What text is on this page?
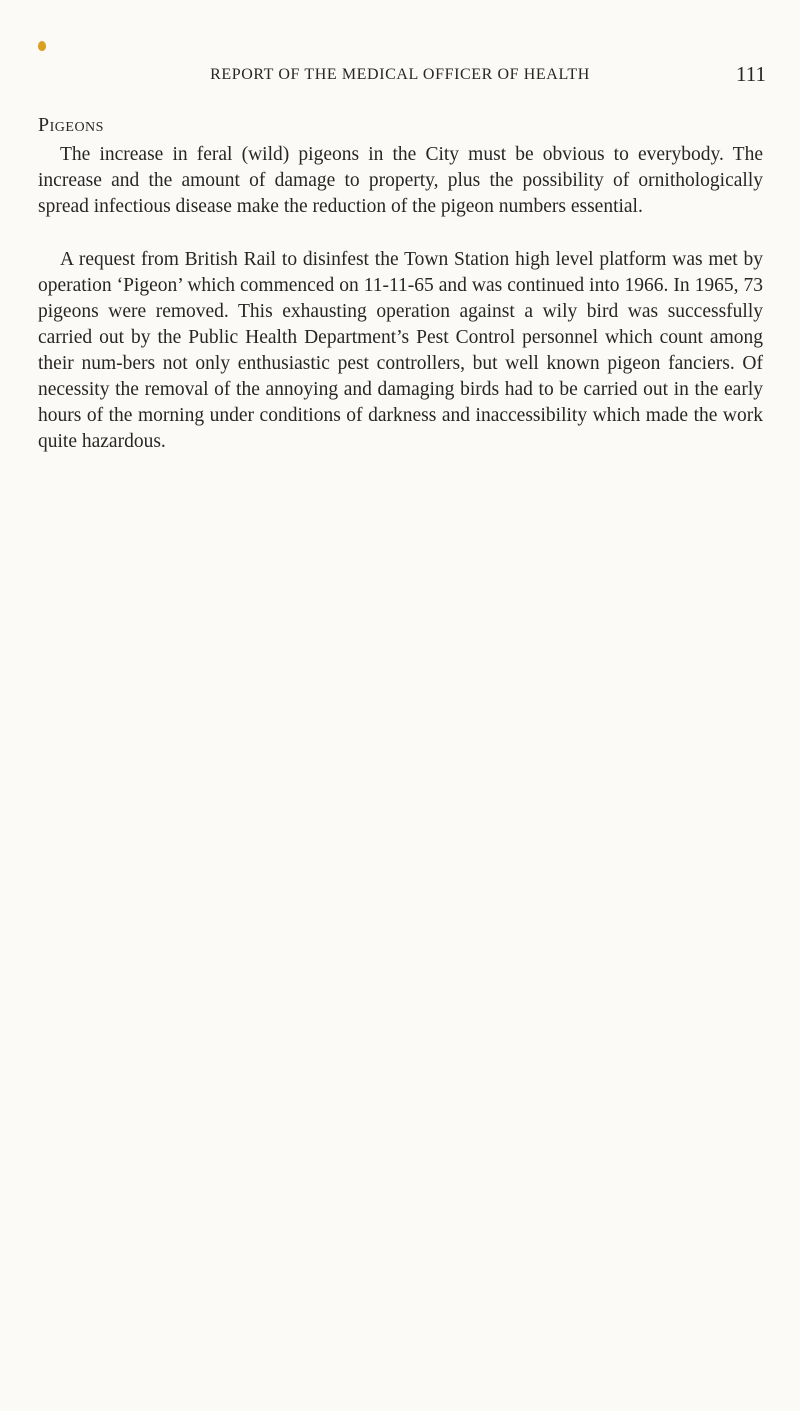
REPORT OF THE MEDICAL OFFICER OF HEALTH	111
Pigeons

The increase in feral (wild) pigeons in the City must be obvious to everybody. The increase and the amount of damage to property, plus the possibility of ornithologically spread infectious disease make the reduction of the pigeon numbers essential.

A request from British Rail to disinfest the Town Station high level platform was met by operation ‘Pigeon’ which commenced on 11-11-65 and was continued into 1966. In 1965, 73 pigeons were removed. This exhausting operation against a wily bird was successfully carried out by the Public Health Department’s Pest Control personnel which count among their num-bers not only enthusiastic pest controllers, but well known pigeon fanciers. Of necessity the removal of the annoying and damaging birds had to be carried out in the early hours of the morning under conditions of darkness and inaccessibility which made the work quite hazardous.
